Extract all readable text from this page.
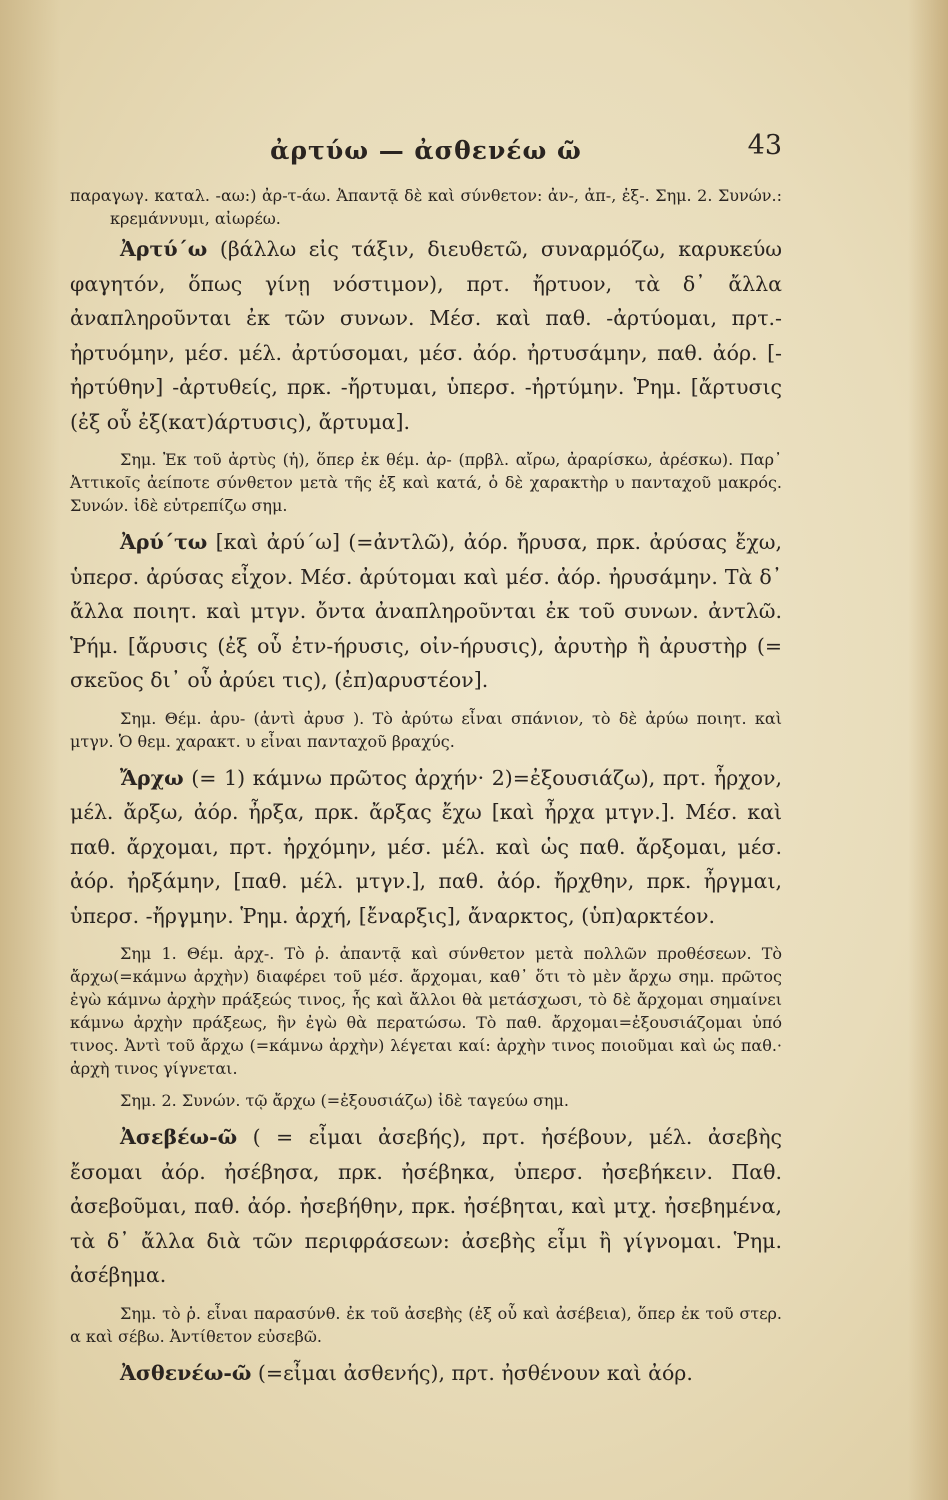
ἀρτύω — ἀσθενέω ῶ	43

παραγωγ. καταλ. -αω:) ἀρ-τ-άω. Ἀπαντᾷ δὲ καὶ σύνθετον: ἀν-, ἀπ-, ἐξ-. Σημ. 2. Συνών.: κρεμάννυμι, αἰωρέω.

Ἀρτύ΄ω (βάλλω εἰς τάξιν, διευθετῶ, συναρμόζω, καρυκεύω φαγητόν, ὅπως γίνῃ νόστιμον), πρτ. ἤρτυον, τὰ δ᾽ ἄλλα ἀναπληροῦνται ἐκ τῶν συνων. Μέσ. καὶ παθ. -ἀρτύομαι, πρτ.-ἠρτυόμην, μέσ. μέλ. ἀρτύσομαι, μέσ. ἀόρ. ἠρτυσάμην, παθ. ἀόρ. [-ἠρτύθην] -ἀρτυθείς, πρκ. -ἤρτυμαι, ὑπερσ. -ἠρτύμην. Ῥημ. [ἄρτυσις (ἐξ οὗ ἐξ(κατ)άρτυσις), ἄρτυμα].

Σημ. Ἐκ τοῦ ἀρτὺς (ἡ), ὅπερ ἐκ θέμ. ἀρ- (πρβλ. αἴρω, ἀραρίσκω, ἀρέσκω). Παρ᾽ Ἀττικοῖς ἀείποτε σύνθετον μετὰ τῆς ἐξ καὶ κατά, ὁ δὲ χαρακτὴρ υ πανταχοῦ μακρός. Συνών. ἰδὲ εὐτρεπίζω σημ.

Ἀρύ΄τω [καὶ ἀρύ΄ω] (=ἀντλῶ), ἀόρ. ἤρυσα, πρκ. ἀρύσας ἔχω, ὑπερσ. ἀρύσας εἶχον. Μέσ. ἀρύτομαι καὶ μέσ. ἀόρ. ἠρυσάμην. Τὰ δ᾽ ἄλλα ποιητ. καὶ μτγν. ὄντα ἀναπληροῦνται ἐκ τοῦ συνων. ἀντλῶ. Ῥήμ. [ἄρυσις (ἐξ οὗ ἐτν-ήρυσις, οἰν-ήρυσις), ἀρυτὴρ ἢ ἀρυστὴρ (= σκεῦος δι᾽ οὗ ἀρύει τις), (ἐπ)αρυστέον].

Σημ. Θέμ. ἀρυ- (ἀντὶ ἀρυσ ). Τὸ ἀρύτω εἶναι σπάνιον, τὸ δὲ ἀρύω ποιητ. καὶ μτγν. Ὁ θεμ. χαρακτ. υ εἶναι πανταχοῦ βραχύς.

Ἄρχω (= 1) κάμνω πρῶτος ἀρχήν· 2)=ἐξουσιάζω), πρτ. ἦρχον, μέλ. ἄρξω, ἀόρ. ἦρξα, πρκ. ἄρξας ἔχω [καὶ ἦρχα μτγν.]. Μέσ. καὶ παθ. ἄρχομαι, πρτ. ἠρχόμην, μέσ. μέλ. καὶ ὡς παθ. ἄρξομαι, μέσ. ἀόρ. ἠρξάμην, [παθ. μέλ. μτγν.], παθ. ἀόρ. ἤρχθην, πρκ. ἦργμαι, ὑπερσ. -ἤργμην. Ῥημ. ἀρχή, [ἔναρξις], ἄναρκτος, (ὑπ)αρκτέον.

Σημ 1. Θέμ. ἀρχ-. Τὸ ῥ. ἀπαντᾷ καὶ σύνθετον μετὰ πολλῶν προθέσεων. Τὸ ἄρχω(=κάμνω ἀρχὴν) διαφέρει τοῦ μέσ. ἄρχομαι, καθ᾽ ὅτι τὸ μὲν ἄρχω σημ. πρῶτος ἐγὼ κάμνω ἀρχὴν πράξεώς τινος, ἧς καὶ ἄλλοι θὰ μετάσχωσι, τὸ δὲ ἄρχομαι σημαίνει κάμνω ἀρχὴν πράξεως, ἣν ἐγὼ θὰ περατώσω. Τὸ παθ. ἄρχομαι=ἐξουσιάζομαι ὑπό τινος. Ἀντὶ τοῦ ἄρχω (=κάμνω ἀρχὴν) λέγεται καί: ἀρχὴν τινος ποιοῦμαι καὶ ὡς παθ.· ἀρχὴ τινος γίγνεται.

Σημ. 2. Συνών. τῷ ἄρχω (=ἐξουσιάζω) ἰδὲ ταγεύω σημ.

Ἀσεβέω-ῶ ( = εἶμαι ἀσεβής), πρτ. ἠσέβουν, μέλ. ἀσεβὴς ἔσομαι ἀόρ. ἠσέβησα, πρκ. ἠσέβηκα, ὑπερσ. ἠσεβήκειν. Παθ. ἀσεβοῦμαι, παθ. ἀόρ. ἠσεβήθην, πρκ. ἠσέβηται, καὶ μτχ. ἠσεβημένα, τὰ δ᾽ ἄλλα διὰ τῶν περιφράσεων: ἀσεβὴς εἶμι ἢ γίγνομαι. Ῥημ. ἀσέβημα.

Σημ. τὸ ῥ. εἶναι παρασύνθ. ἐκ τοῦ ἀσεβὴς (ἐξ οὗ καὶ ἀσέβεια), ὅπερ ἐκ τοῦ στερ. α καὶ σέβω. Ἀντίθετον εὐσεβῶ.

Ἀσθενέω-ῶ (=εἶμαι ἀσθενής), πρτ. ἠσθένουν καὶ ἀόρ.
